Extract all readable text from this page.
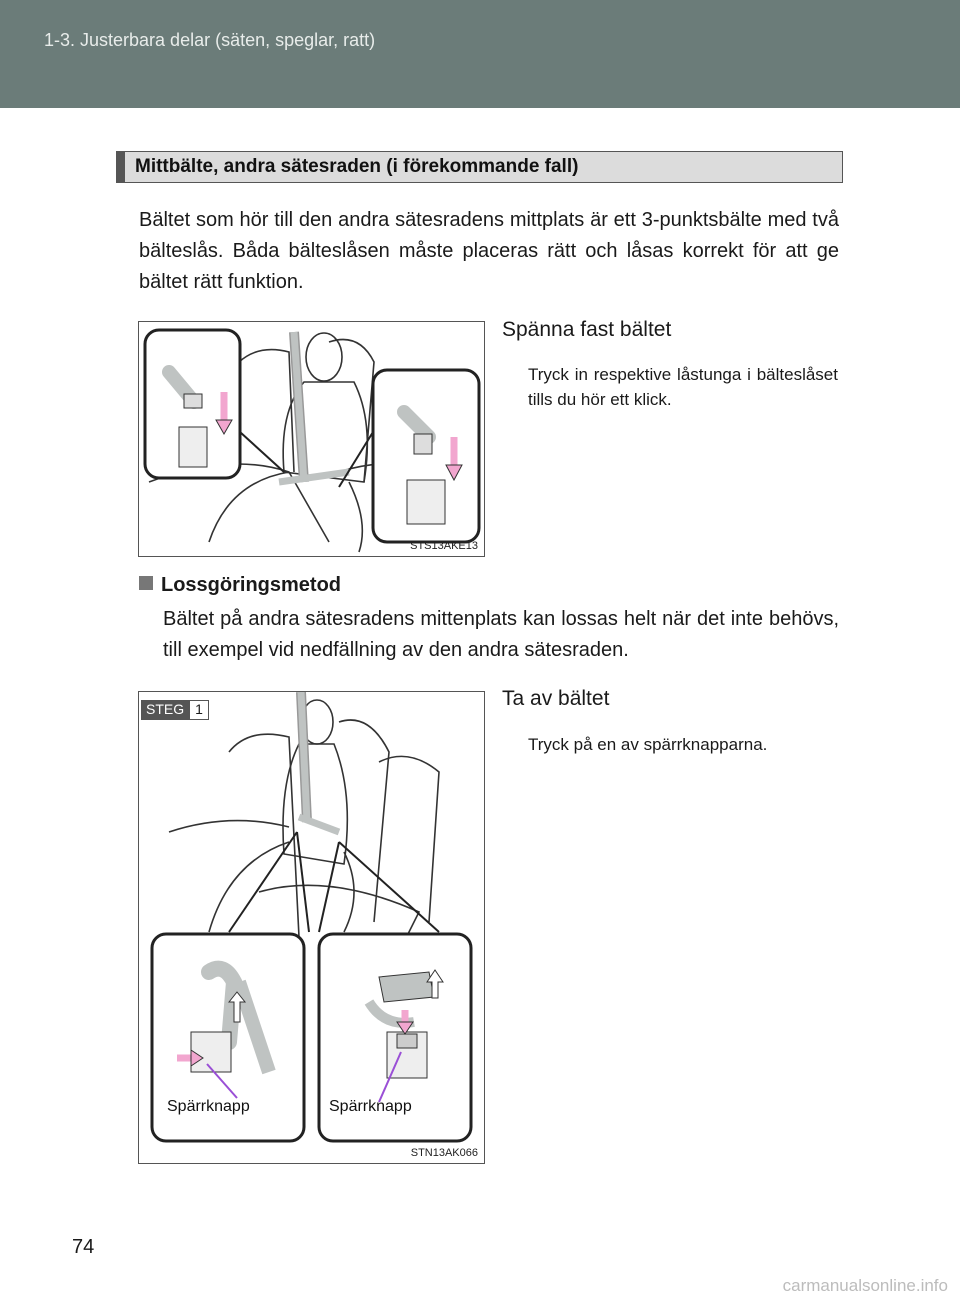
1-3. Justerbara delar (säten, speglar, ratt)
Mittbälte, andra sätesraden (i förekommande fall)
Bältet som hör till den andra sätesradens mittplats är ett 3-punktsbälte med två bälteslås. Båda bälteslåsen måste placeras rätt och låsas korrekt för att ge bältet rätt funktion.
STS13AKE13
Spänna fast bältet
Tryck in respektive låstunga i bälteslåset tills du hör ett klick.
Lossgöringsmetod
Bältet på andra sätesradens mittenplats kan lossas helt när det inte behövs, till exempel vid nedfällning av den andra sätesraden.
STEG 1
Spärrknapp	Spärrknapp
STN13AK066
Ta av bältet
Tryck på en av spärrknapparna.
74
carmanualsonline.info
